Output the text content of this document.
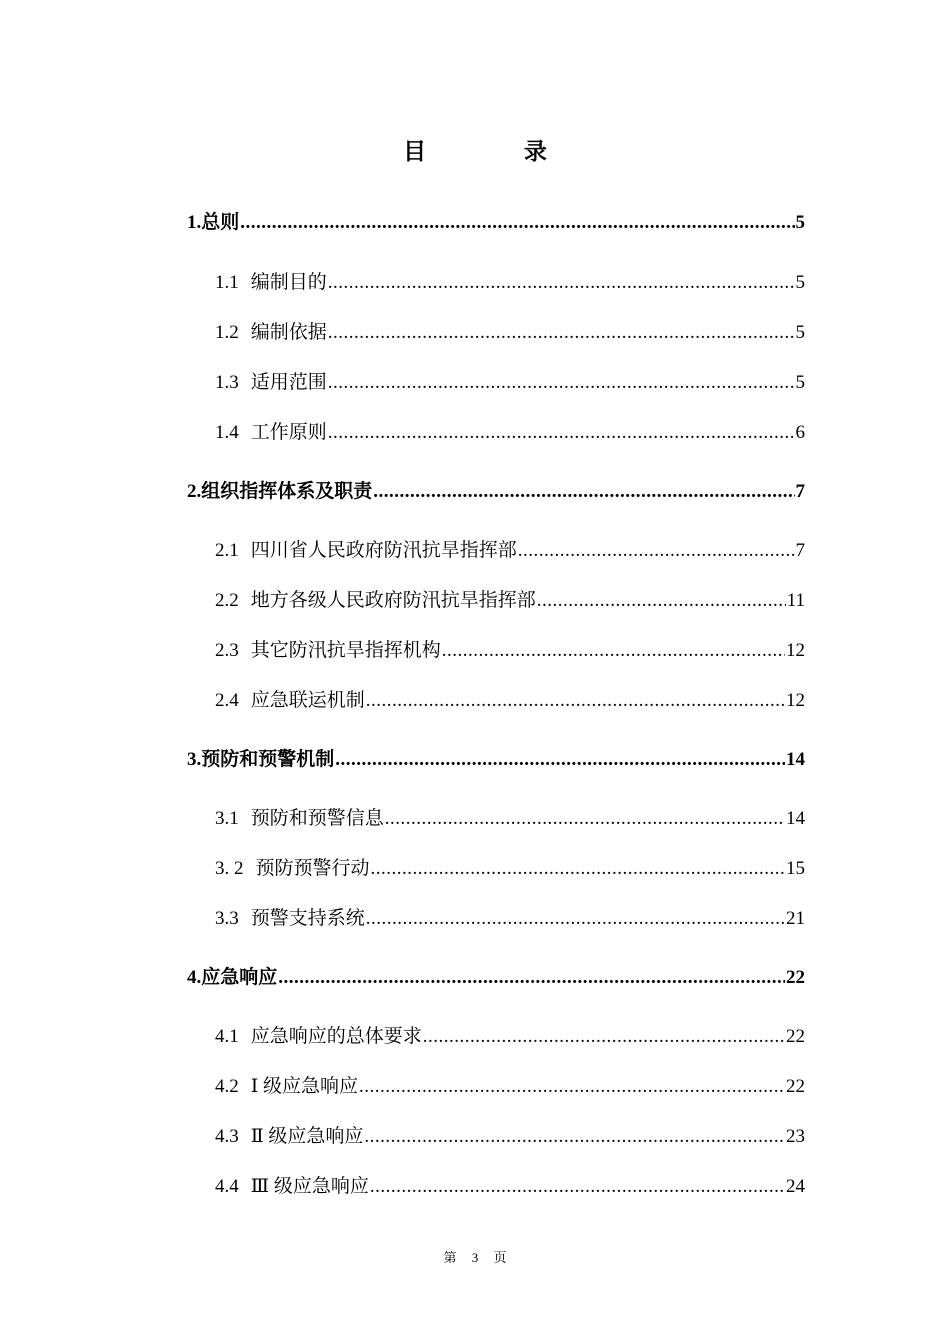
目 录
1. 总则 .....	5
1.1 编制目的 .....	5
1.2 编制依据 .....	5
1.3 适用范围 .....	5
1.4 工作原则 .....	6
2. 组织指挥体系及职责 .....	7
2.1 四川省人民政府防汛抗旱指挥部 .....	7
2.2 地方各级人民政府防汛抗旱指挥部 .....	11
2.3 其它防汛抗旱指挥机构 .....	12
2.4 应急联运机制 .....	12
3. 预防和预警机制 .....	14
3.1 预防和预警信息 .....	14
3. 2 预防预警行动 .....	15
3.3 预警支持系统 .....	21
4. 应急响应 .....	22
4.1 应急响应的总体要求 .....	22
4.2 Ⅰ 级应急响应 .....	22
4.3 Ⅱ 级应急响应 .....	23
4.4 Ⅲ 级应急响应 .....	24
第 3 页
